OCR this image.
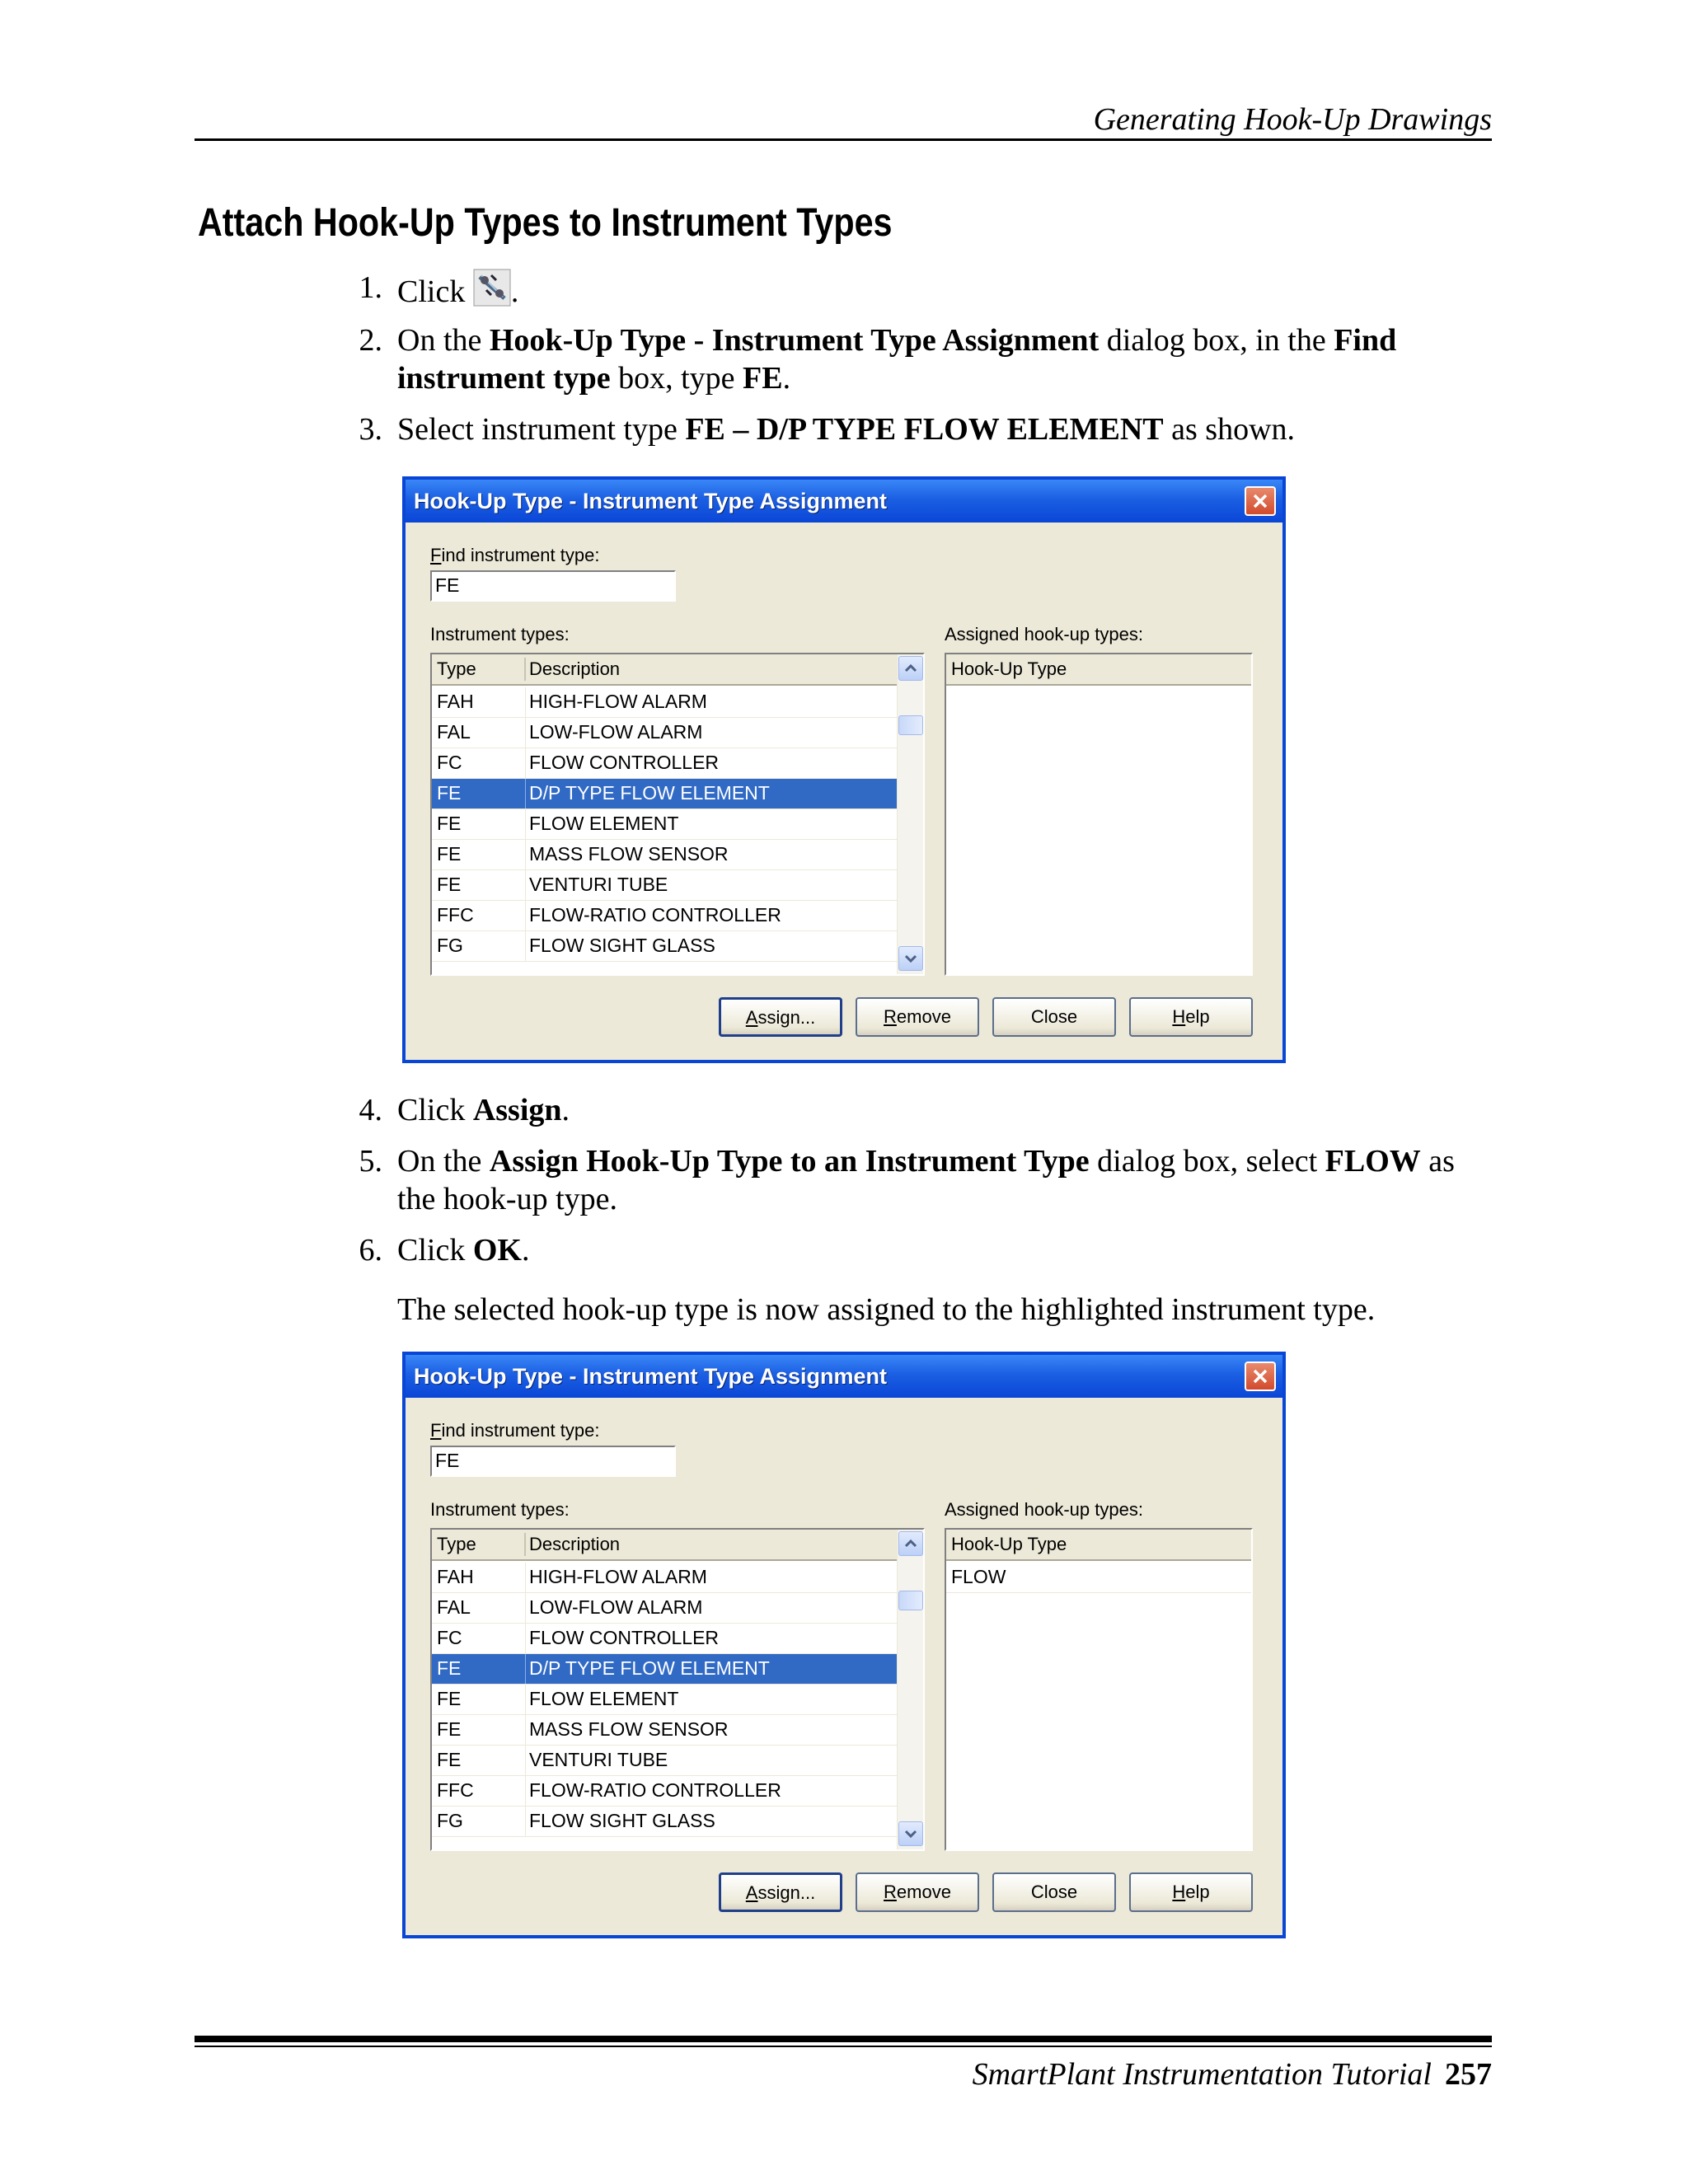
Generating Hook-Up Drawings
Attach Hook-Up Types to Instrument Types
1. Click .
2. On the Hook-Up Type - Instrument Type Assignment dialog box, in the Find instrument type box, type FE.
3. Select instrument type FE – D/P TYPE FLOW ELEMENT as shown.
Hook-Up Type - Instrument Type Assignment
Find instrument type:
FE
Instrument types:	Assigned hook-up types:
Type	Description
FAH	HIGH-FLOW ALARM
FAL	LOW-FLOW ALARM
FC	FLOW CONTROLLER
FE	D/P TYPE FLOW ELEMENT
FE	FLOW ELEMENT
FE	MASS FLOW SENSOR
FE	VENTURI TUBE
FFC	FLOW-RATIO CONTROLLER
FG	FLOW SIGHT GLASS
Hook-Up Type
Assign...	Remove	Close	Help
4. Click Assign.
5. On the Assign Hook-Up Type to an Instrument Type dialog box, select FLOW as the hook-up type.
6. Click OK.
The selected hook-up type is now assigned to the highlighted instrument type.
Hook-Up Type - Instrument Type Assignment
Find instrument type:
FE
Instrument types:	Assigned hook-up types:
Type	Description
FAH	HIGH-FLOW ALARM
FAL	LOW-FLOW ALARM
FC	FLOW CONTROLLER
FE	D/P TYPE FLOW ELEMENT
FE	FLOW ELEMENT
FE	MASS FLOW SENSOR
FE	VENTURI TUBE
FFC	FLOW-RATIO CONTROLLER
FG	FLOW SIGHT GLASS
Hook-Up Type
FLOW
Assign...	Remove	Close	Help
SmartPlant Instrumentation Tutorial 257
